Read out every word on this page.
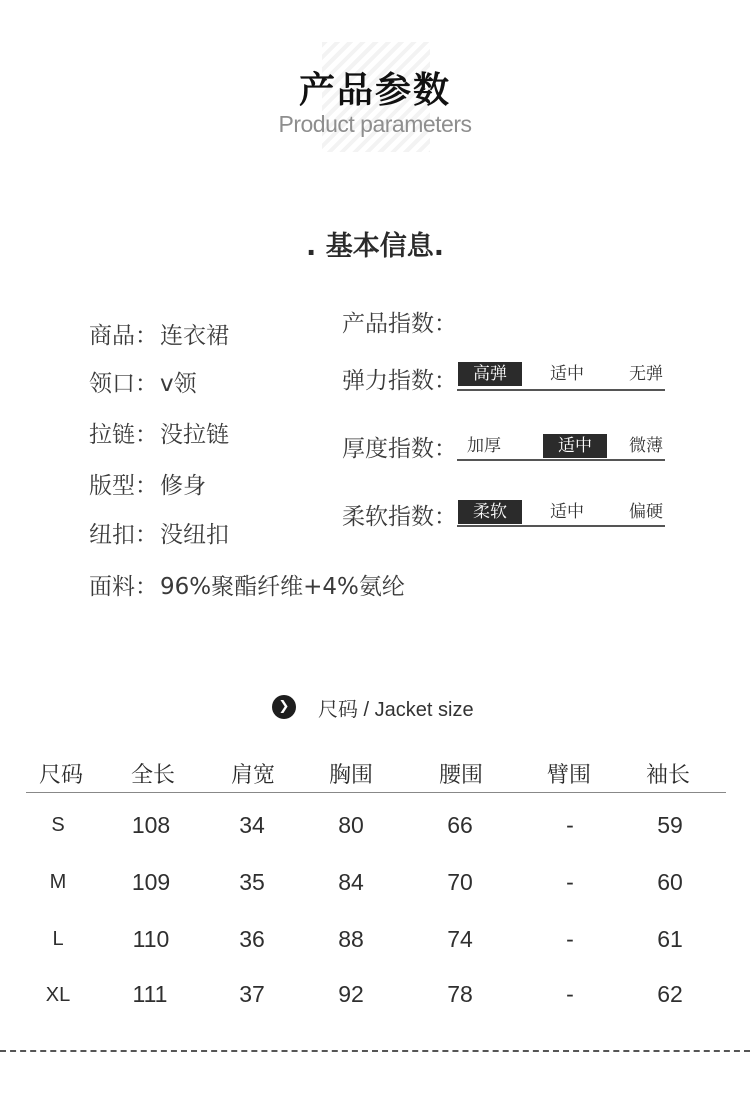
产品参数
Product parameters
. 基本信息.
商品：连衣裙
领口：v领
拉链：没拉链
版型：修身
纽扣：没纽扣
面料：96%聚酯纤维+4%氨纶
产品指数：
弹力指数： 高弹	适中	无弹
厚度指数： 加厚	适中	微薄
柔软指数： 柔软	适中	偏硬
❯	尺码 / Jacket size
尺码	全长	肩宽	胸围	腰围	臂围	袖长
S	108	34	80	66	-	59
M	109	35	84	70	-	60
L	110	36	88	74	-	61
XL	111	37	92	78	-	62
